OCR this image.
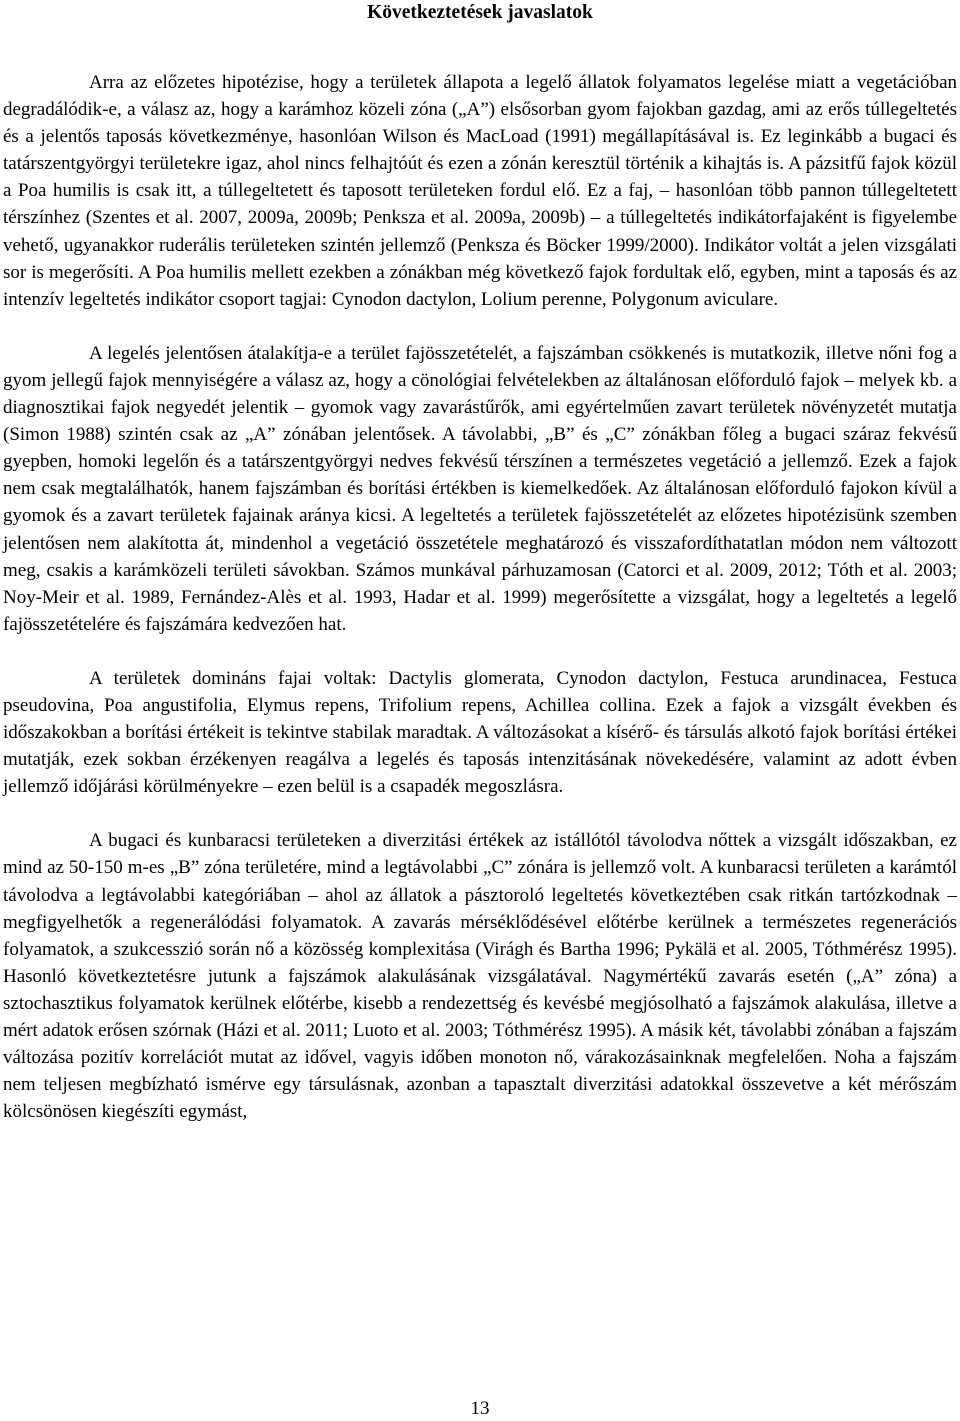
Következtetések javaslatok

Arra az előzetes hipotézise, hogy a területek állapota a legelő állatok folyamatos legelése miatt a vegetációban degradálódik-e, a válasz az, hogy a karámhoz közeli zóna („A”) elsősorban gyom fajokban gazdag, ami az erős túllegeltetés és a jelentős taposás következménye, hasonlóan Wilson és MacLoad (1991) megállapításával is. Ez leginkább a bugaci és tatárszentgyörgyi területekre igaz, ahol nincs felhajtóút és ezen a zónán keresztül történik a kihajtás is. A pázsitfű fajok közül a Poa humilis is csak itt, a túllegeltetett és taposott területeken fordul elő. Ez a faj, ‒ hasonlóan több pannon túllegeltetett térszínhez (Szentes et al. 2007, 2009a, 2009b; Penksza et al. 2009a, 2009b) ‒ a túllegeltetés indikátorfajaként is figyelembe vehető, ugyanakkor ruderális területeken szintén jellemző (Penksza és Böcker 1999/2000). Indikátor voltát a jelen vizsgálati sor is megerősíti. A Poa humilis mellett ezekben a zónákban még következő fajok fordultak elő, egyben, mint a taposás és az intenzív legeltetés indikátor csoport tagjai: Cynodon dactylon, Lolium perenne, Polygonum aviculare.

A legelés jelentősen átalakítja-e a terület fajösszetételét, a fajszámban csökkenés is mutatkozik, illetve nőni fog a gyom jellegű fajok mennyiségére a válasz az, hogy a cönológiai felvételekben az általánosan előforduló fajok ‒ melyek kb. a diagnosztikai fajok negyedét jelentik ‒ gyomok vagy zavarástűrők, ami egyértelműen zavart területek növényzetét mutatja (Simon 1988) szintén csak az „A” zónában jelentősek. A távolabbi, „B” és „C” zónákban főleg a bugaci száraz fekvésű gyepben, homoki legelőn és a tatárszentgyörgyi nedves fekvésű térszínen a természetes vegetáció a jellemző. Ezek a fajok nem csak megtalálhatók, hanem fajszámban és borítási értékben is kiemelkedőek. Az általánosan előforduló fajokon kívül a gyomok és a zavart területek fajainak aránya kicsi. A legeltetés a területek fajösszetételét az előzetes hipotézisünk szemben jelentősen nem alakította át, mindenhol a vegetáció összetétele meghatározó és visszafordíthatatlan módon nem változott meg, csakis a karámközeli területi sávokban. Számos munkával párhuzamosan (Catorci et al. 2009, 2012; Tóth et al. 2003; Noy-Meir et al. 1989, Fernández-Alès et al. 1993, Hadar et al. 1999) megerősítette a vizsgálat, hogy a legeltetés a legelő fajösszetételére és fajszámára kedvezően hat.

A területek domináns fajai voltak: Dactylis glomerata, Cynodon dactylon, Festuca arundinacea, Festuca pseudovina, Poa angustifolia, Elymus repens, Trifolium repens, Achillea collina. Ezek a fajok a vizsgált években és időszakokban a borítási értékeit is tekintve stabilak maradtak. A változásokat a kísérő- és társulás alkotó fajok borítási értékei mutatják, ezek sokban érzékenyen reagálva a legelés és taposás intenzitásának növekedésére, valamint az adott évben jellemző időjárási körülményekre ‒ ezen belül is a csapadék megoszlásra.

A bugaci és kunbaracsi területeken a diverzitási értékek az istállótól távolodva nőttek a vizsgált időszakban, ez mind az 50-150 m-es „B” zóna területére, mind a legtávolabbi „C” zónára is jellemző volt. A kunbaracsi területen a karámtól távolodva a legtávolabbi kategóriában ‒ ahol az állatok a pásztoroló legeltetés következtében csak ritkán tartózkodnak ‒ megfigyelhetők a regenerálódási folyamatok. A zavarás mérséklődésével előtérbe kerülnek a természetes regenerációs folyamatok, a szukcesszió során nő a közösség komplexitása (Virágh és Bartha 1996; Pykälä et al. 2005, Tóthmérész 1995). Hasonló következtetésre jutunk a fajszámok alakulásának vizsgálatával. Nagymértékű zavarás esetén („A” zóna) a sztochasztikus folyamatok kerülnek előtérbe, kisebb a rendezettség és kevésbé megjósolható a fajszámok alakulása, illetve a mért adatok erősen szórnak (Házi et al. 2011; Luoto et al. 2003; Tóthmérész 1995). A másik két, távolabbi zónában a fajszám változása pozitív korrelációt mutat az idővel, vagyis időben monoton nő, várakozásainknak megfelelően. Noha a fajszám nem teljesen megbízható ismérve egy társulásnak, azonban a tapasztalt diverzitási adatokkal összevetve a két mérőszám kölcsönösen kiegészíti egymást,

13
